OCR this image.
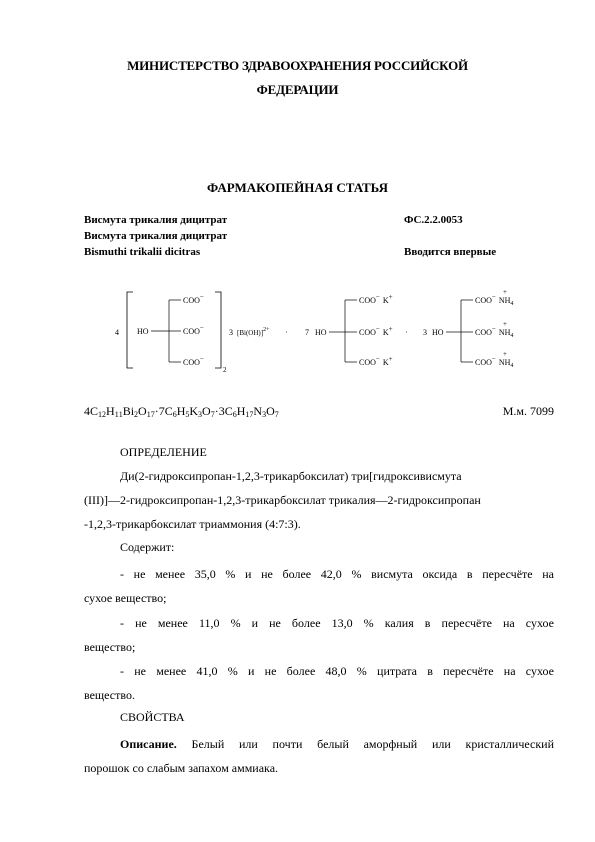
МИНИСТЕРСТВО ЗДРАВООХРАНЕНИЯ РОССИЙСКОЙ
ФЕДЕРАЦИИ
ФАРМАКОПЕЙНАЯ СТАТЬЯ
Висмута трикалия дицитрат	ФС.2.2.0053
Висмута трикалия дицитрат
Bismuthi trikalii dicitras	Вводится впервые
4 HO
COO−
COO−
COO−
2
3 [Bi(OH)]2+ · 7 HO
COO− K+
COO− K+
COO− K+
· 3 HO
$COO- NH_4$
+
$COO- NH_4$
+
$COO- NH_4$
+
$4C_{12}H_{11}Bi_2O_{17}\cdot 7C_6H_5K_3O_7\cdot 3C_6H_{17}N_3O_7$	М.м. 7099
ОПРЕДЕЛЕНИЕ
Ди(2-гидроксипропан-1,2,3-трикарбоксилат) три[гидроксивисмута
(III)]—2-гидроксипропан-1,2,3-трикарбоксилат трикалия—2-гидроксипропан
-1,2,3-трикарбоксилат триаммония (4:7:3).
Содержит:
- не менее 35,0 % и не более 42,0 % висмута оксида в пересчёте на
сухое вещество;
- не менее 11,0 % и не более 13,0 % калия в пересчёте на сухое
вещество;
- не менее 41,0 % и не более 48,0 % цитрата в пересчёте на сухое
вещество.
СВОЙСТВА
Описание. Белый или почти белый аморфный или кристаллический
порошок со слабым запахом аммиака.
